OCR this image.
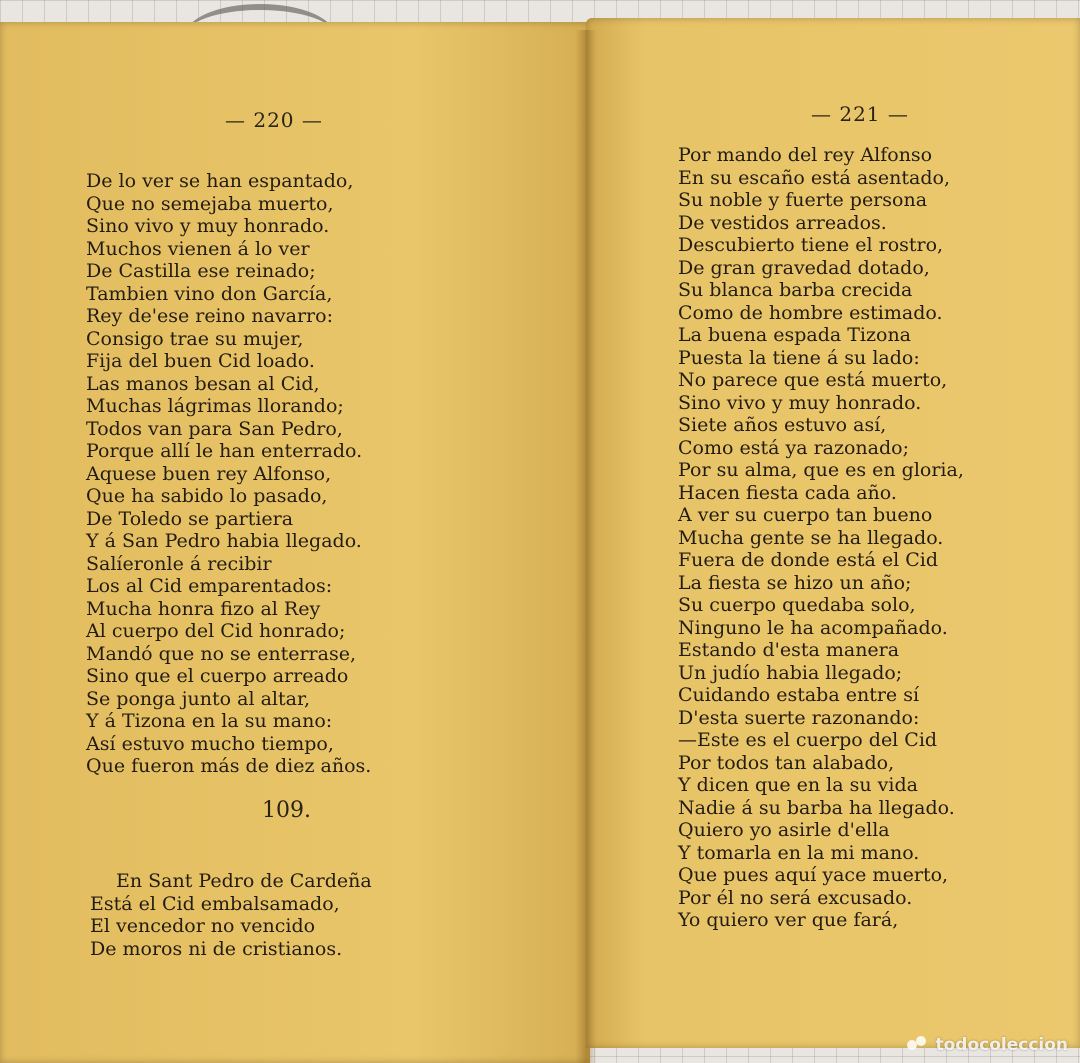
— 220 —
De lo ver se han espantado,
Que no semejaba muerto,
Sino vivo y muy honrado.
Muchos vienen á lo ver
De Castilla ese reinado;
Tambien vino don García,
Rey de'ese reino navarro:
Consigo trae su mujer,
Fija del buen Cid loado.
Las manos besan al Cid,
Muchas lágrimas llorando;
Todos van para San Pedro,
Porque allí le han enterrado.
Aquese buen rey Alfonso,
Que ha sabido lo pasado,
De Toledo se partiera
Y á San Pedro habia llegado.
Salíeronle á recibir
Los al Cid emparentados:
Mucha honra fizo al Rey
Al cuerpo del Cid honrado;
Mandó que no se enterrase,
Sino que el cuerpo arreado
Se ponga junto al altar,
Y á Tizona en la su mano:
Así estuvo mucho tiempo,
Que fueron más de diez años.
109.
En Sant Pedro de Cardeña
Está el Cid embalsamado,
El vencedor no vencido
De moros ni de cristianos.
— 221 —
Por mando del rey Alfonso
En su escaño está asentado,
Su noble y fuerte persona
De vestidos arreados.
Descubierto tiene el rostro,
De gran gravedad dotado,
Su blanca barba crecida
Como de hombre estimado.
La buena espada Tizona
Puesta la tiene á su lado:
No parece que está muerto,
Sino vivo y muy honrado.
Siete años estuvo así,
Como está ya razonado;
Por su alma, que es en gloria,
Hacen fiesta cada año.
A ver su cuerpo tan bueno
Mucha gente se ha llegado.
Fuera de donde está el Cid
La fiesta se hizo un año;
Su cuerpo quedaba solo,
Ninguno le ha acompañado.
Estando d'esta manera
Un judío habia llegado;
Cuidando estaba entre sí
D'esta suerte razonando:
—Este es el cuerpo del Cid
Por todos tan alabado,
Y dicen que en la su vida
Nadie á su barba ha llegado.
Quiero yo asirle d'ella
Y tomarla en la mi mano.
Que pues aquí yace muerto,
Por él no será excusado.
Yo quiero ver que fará,
todocoleccion
